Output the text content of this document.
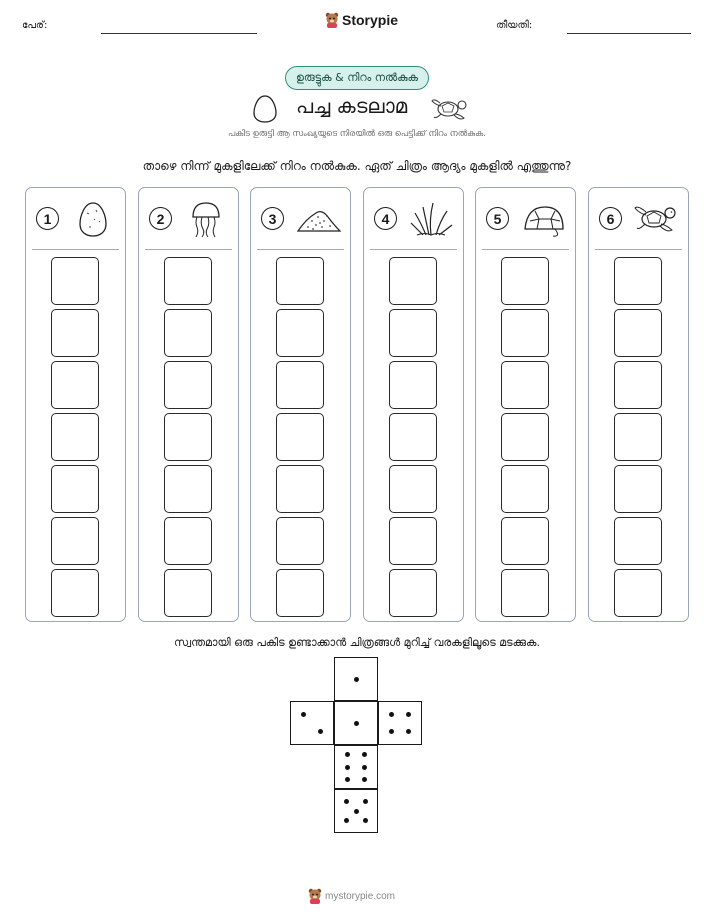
പേര്:	Storypie	തീയതി:
ഉരുട്ടുക & നിറം നൽകുക
പച്ച കടലാമ
പകിട ഉരുട്ടി ആ സംഖ്യയുടെ നിരയിൽ ഒരു പെട്ടിക്ക് നിറം നൽകുക.
താഴെ നിന്ന് മുകളിലേക്ക് നിറം നൽകുക. ഏത് ചിത്രം ആദ്യം മുകളിൽ എത്തുന്നു?
1	2	3	4	5	6
സ്വന്തമായി ഒരു പകിട ഉണ്ടാക്കാൻ ചിത്രങ്ങൾ മുറിച്ച് വരകളിലൂടെ മടക്കുക.
mystorypie.com
